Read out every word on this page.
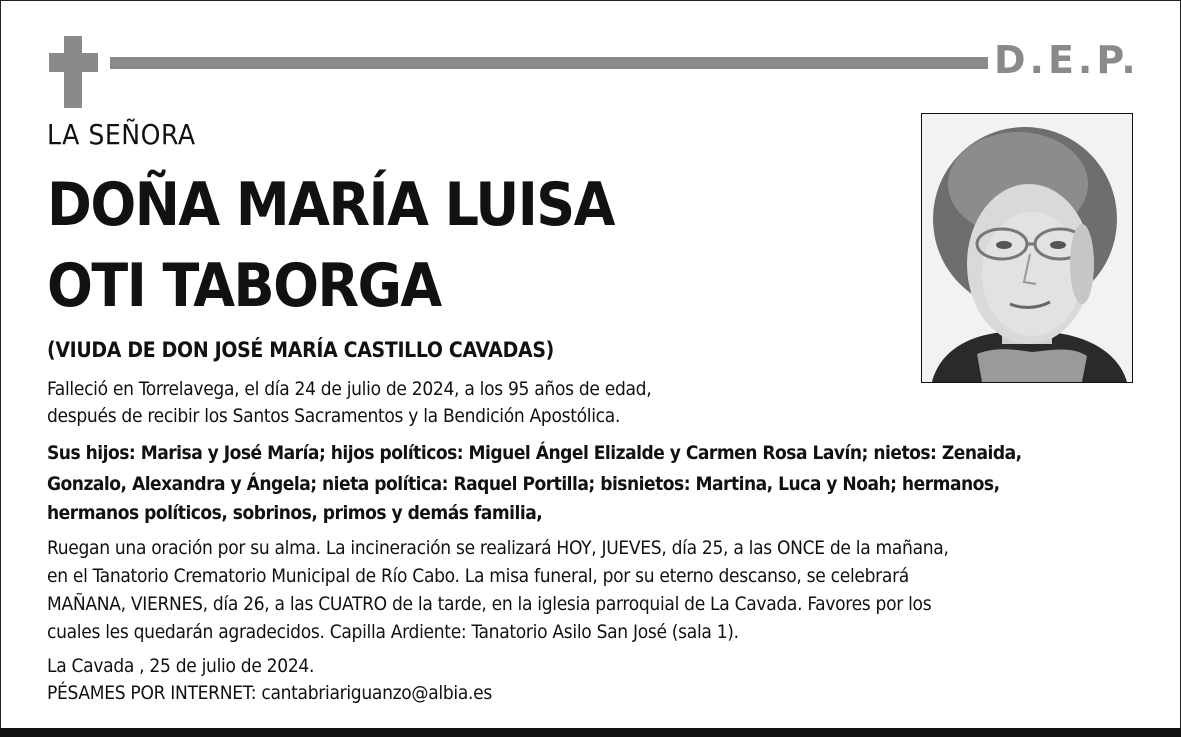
D.E.P.
LA SEÑORA
DOÑA MARÍA LUISA
OTI TABORGA
(VIUDA DE DON JOSÉ MARÍA CASTILLO CAVADAS)
Falleció en Torrelavega, el día 24 de julio de 2024, a los 95 años de edad,
después de recibir los Santos Sacramentos y la Bendición Apostólica.
Sus hijos: Marisa y José María; hijos políticos: Miguel Ángel Elizalde y Carmen Rosa Lavín; nietos: Zenaida,
Gonzalo, Alexandra y Ángela; nieta política: Raquel Portilla; bisnietos: Martina, Luca y Noah; hermanos,
hermanos políticos, sobrinos, primos y demás familia,
Ruegan una oración por su alma. La incineración se realizará HOY, JUEVES, día 25, a las ONCE de la mañana,
en el Tanatorio Crematorio Municipal de Río Cabo. La misa funeral, por su eterno descanso, se celebrará
MAÑANA, VIERNES, día 26, a las CUATRO de la tarde, en la iglesia parroquial de La Cavada. Favores por los
cuales les quedarán agradecidos. Capilla Ardiente: Tanatorio Asilo San José (sala 1).
La Cavada , 25 de julio de 2024.
PÉSAMES POR INTERNET: cantabriariguanzo@albia.es
